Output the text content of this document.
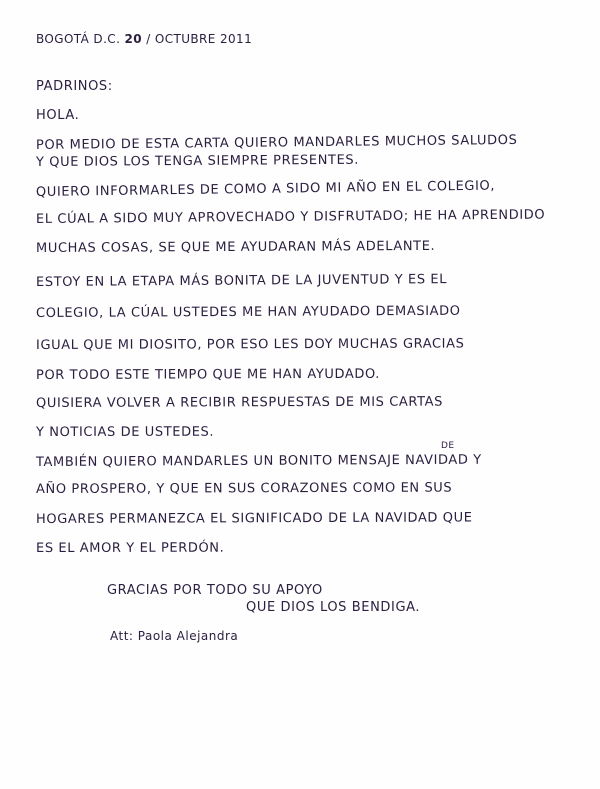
BOGOTÁ D.C. 20 / OCTUBRE 2011
PADRINOS:
HOLA.
POR MEDIO DE ESTA CARTA QUIERO MANDARLES MUCHOS SALUDOS
Y QUE DIOS LOS TENGA SIEMPRE PRESENTES.
QUIERO INFORMARLES DE COMO A SIDO MI AÑO EN EL COLEGIO,
EL CÚAL A SIDO MUY APROVECHADO Y DISFRUTADO; HE HA APRENDIDO
MUCHAS COSAS, SE QUE ME AYUDARAN MÁS ADELANTE.
ESTOY EN LA ETAPA MÁS BONITA DE LA JUVENTUD Y ES EL
COLEGIO, LA CÚAL USTEDES ME HAN AYUDADO DEMASIADO
IGUAL QUE MI DIOSITO, POR ESO LES DOY MUCHAS GRACIAS
POR TODO ESTE TIEMPO QUE ME HAN AYUDADO.
QUISIERA VOLVER A RECIBIR RESPUESTAS DE MIS CARTAS
Y NOTICIAS DE USTEDES.
DE
TAMBIÉN QUIERO MANDARLES UN BONITO MENSAJE NAVIDAD Y
AÑO PROSPERO, Y QUE EN SUS CORAZONES COMO EN SUS
HOGARES PERMANEZCA EL SIGNIFICADO DE LA NAVIDAD QUE
ES EL AMOR Y EL PERDÓN.
GRACIAS POR TODO SU APOYO
QUE DIOS LOS BENDIGA.
Att: Paola Alejandra
